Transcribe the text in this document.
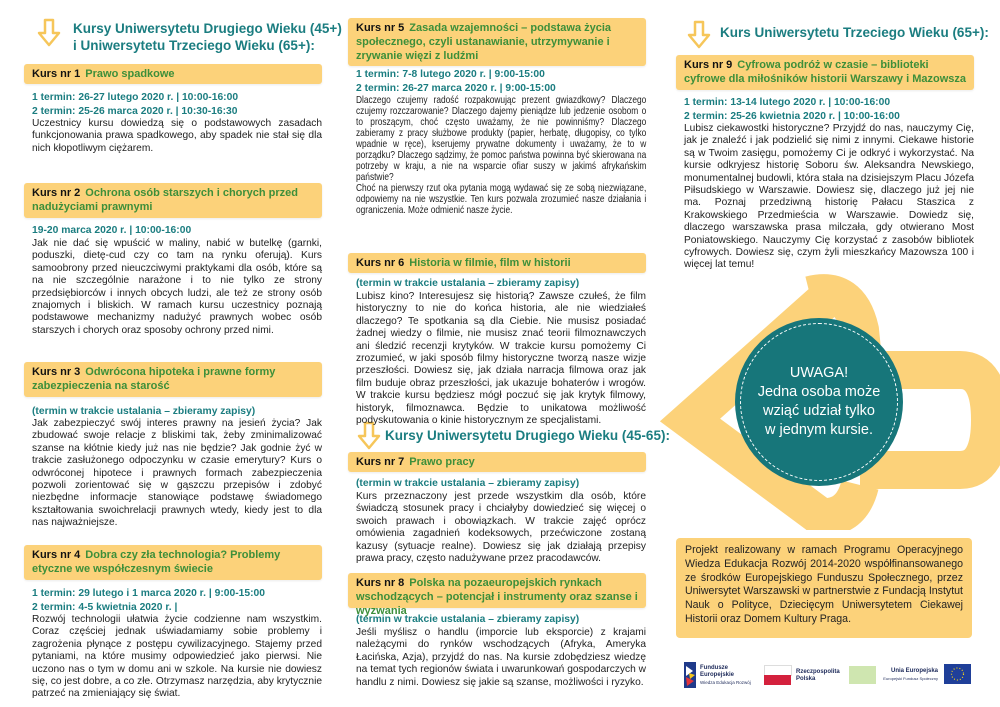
Kursy Uniwersytetu Drugiego Wieku (45+)
i Uniwersytetu Trzeciego Wieku (65+):
Kurs nr 1 Prawo spadkowe
1 termin: 26-27 lutego 2020 r. | 10:00-16:00
2 termin: 25-26 marca 2020 r. | 10:30-16:30
Uczestnicy kursu dowiedzą się o podstawowych zasadach funkcjonowania prawa spadkowego, aby spadek nie stał się dla nich kłopotliwym ciężarem.
Kurs nr 2 Ochrona osób starszych i chorych przed nadużyciami prawnymi
19-20 marca 2020 r. | 10:00-16:00
Jak nie dać się wpuścić w maliny, nabić w butelkę (garnki, poduszki, dietę-cud czy co tam na rynku oferują). Kurs samoobrony przed nieuczciwymi praktykami dla osób, które są na nie szczególnie narażone i to nie tylko ze strony przedsiębiorców i innych obcych ludzi, ale też ze strony osób znajomych i bliskich. W ramach kursu uczestnicy poznają podstawowe mechanizmy nadużyć prawnych wobec osób starszych i chorych oraz sposoby ochrony przed nimi.
Kurs nr 3 Odwrócona hipoteka i prawne formy zabezpieczenia na starość
(termin w trakcie ustalania – zbieramy zapisy)
Jak zabezpieczyć swój interes prawny na jesień życia? Jak zbudować swoje relacje z bliskimi tak, żeby zminimalizować szanse na kłótnie kiedy już nas nie będzie? Jak godnie żyć w trakcie zasłużonego odpoczynku w czasie emerytury? Kurs o odwróconej hipotece i prawnych formach zabezpieczenia pozwoli zorientować się w gąszczu przepisów i zdobyć niezbędne informacje stanowiące podstawę świadomego kształtowania swoichrelacji prawnych wtedy, kiedy jest to dla nas najważniejsze.
Kurs nr 4 Dobra czy zła technologia? Problemy etyczne we współczesnym świecie
1 termin: 29 lutego i 1 marca 2020 r. | 9:00-15:00
2 termin: 4-5 kwietnia 2020 r. |
Rozwój technologii ułatwia życie codzienne nam wszystkim. Coraz częściej jednak uświadamiamy sobie problemy i zagrożenia płynące z postępu cywilizacyjnego. Stajemy przed pytaniami, na które musimy odpowiedzieć jako pierwsi. Nie uczono nas o tym w domu ani w szkole. Na kursie nie dowiesz się, co jest dobre, a co złe. Otrzymasz narzędzia, aby krytycznie patrzeć na zmieniający się świat.
Kurs nr 5 Zasada wzajemności – podstawa życia społecznego, czyli ustanawianie, utrzymywanie i zrywanie więzi z ludźmi
1 termin: 7-8 lutego 2020 r. | 9:00-15:00
2 termin: 26-27 marca 2020 r. | 9:00-15:00
Dlaczego czujemy radość rozpakowując prezent gwiazdkowy? Dlaczego czujemy rozczarowanie? Dlaczego dajemy pieniądze lub jedzenie osobom o to proszącym, choć często uważamy, że nie powinniśmy? Dlaczego zabieramy z pracy służbowe produkty (papier, herbatę, długopisy, co tylko wpadnie w ręce), kserujemy prywatne dokumenty i uważamy, że to w porządku? Dlaczego sądzimy, że pomoc państwa powinna być skierowana na potrzeby w kraju, a nie na wsparcie ofiar suszy w jakimś afrykańskim państwie?
Choć na pierwszy rzut oka pytania mogą wydawać się ze sobą niezwiązane, odpowiemy na nie wszystkie. Ten kurs pozwala zrozumieć nasze działania i ograniczenia. Może odmienić nasze życie.
Kurs nr 6 Historia w filmie, film w historii
(termin w trakcie ustalania – zbieramy zapisy)
Lubisz kino? Interesujesz się historią? Zawsze czułeś, że film historyczny to nie do końca historia, ale nie wiedziałeś dlaczego? Te spotkania są dla Ciebie. Nie musisz posiadać żadnej wiedzy o filmie, nie musisz znać teorii filmoznawczych ani śledzić recenzji krytyków. W trakcie kursu pomożemy Ci zrozumieć, w jaki sposób filmy historyczne tworzą nasze wizje przeszłości. Dowiesz się, jak działa narracja filmowa oraz jak film buduje obraz przeszłości, jak ukazuje bohaterów i wrogów. W trakcie kursu będziesz mógł poczuć się jak krytyk filmowy, historyk, filmoznawca. Będzie to unikatowa możliwość podyskutowania o kinie historycznym ze specjalistami.
Kursy Uniwersytetu Drugiego Wieku (45-65):
Kurs nr 7 Prawo pracy
(termin w trakcie ustalania – zbieramy zapisy)
Kurs przeznaczony jest przede wszystkim dla osób, które świadczą stosunek pracy i chciałyby dowiedzieć się więcej o swoich prawach i obowiązkach. W trakcie zajęć oprócz omówienia zagadnień kodeksowych, przećwiczone zostaną kazusy (sytuacje realne). Dowiesz się jak działają przepisy prawa pracy, często nadużywane przez pracodawców.
Kurs nr 8 Polska na pozaeuropejskich rynkach wschodzących – potencjał i instrumenty oraz szanse i wyzwania
(termin w trakcie ustalania – zbieramy zapisy)
Jeśli myślisz o handlu (imporcie lub eksporcie) z krajami należącymi do rynków wschodzących (Afryka, Ameryka Łacińska, Azja), przyjdź do nas. Na kursie zdobędziesz wiedzę na temat tych regionów świata i uwarunkowań gospodarczych w handlu z nimi. Dowiesz się jakie są szanse, możliwości i ryzyko.
Kurs Uniwersytetu Trzeciego Wieku (65+):
Kurs nr 9 Cyfrowa podróż w czasie – biblioteki cyfrowe dla miłośników historii Warszawy i Mazowsza
1 termin: 13-14 lutego 2020 r. | 10:00-16:00
2 termin: 25-26 kwietnia 2020 r. | 10:00-16:00
Lubisz ciekawostki historyczne? Przyjdź do nas, nauczymy Cię, jak je znaleźć i jak podzielić się nimi z innymi. Ciekawe historie są w Twoim zasięgu, pomożemy Ci je odkryć i wykorzystać. Na kursie odkryjesz historię Soboru św. Aleksandra Newskiego, monumentalnej budowli, która stała na dzisiejszym Placu Józefa Piłsudskiego w Warszawie. Dowiesz się, dlaczego już jej nie ma. Poznaj przedziwną historię Pałacu Staszica z Krakowskiego Przedmieścia w Warszawie. Dowiedz się, dlaczego warszawska prasa milczała, gdy otwierano Most Poniatowskiego. Nauczymy Cię korzystać z zasobów bibliotek cyfrowych. Dowiesz się, czym żyli mieszkańcy Mazowsza 100 i więcej lat temu!
UWAGA!
Jedna osoba może
wziąć udział tylko
w jednym kursie.
Projekt realizowany w ramach Programu Operacyjnego Wiedza Edukacja Rozwój 2014-2020 współfinansowanego ze środków Europejskiego Funduszu Społecznego, przez Uniwersytet Warszawski w partnerstwie z Fundacją Instytut Nauk o Polityce, Dziecięcym Uniwersytetem Ciekawej Historii oraz Domem Kultury Praga.
Fundusze
Europejskie
Wiedza Edukacja Rozwój
Rzeczpospolita
Polska
Unia Europejska
Europejski Fundusz Społeczny
